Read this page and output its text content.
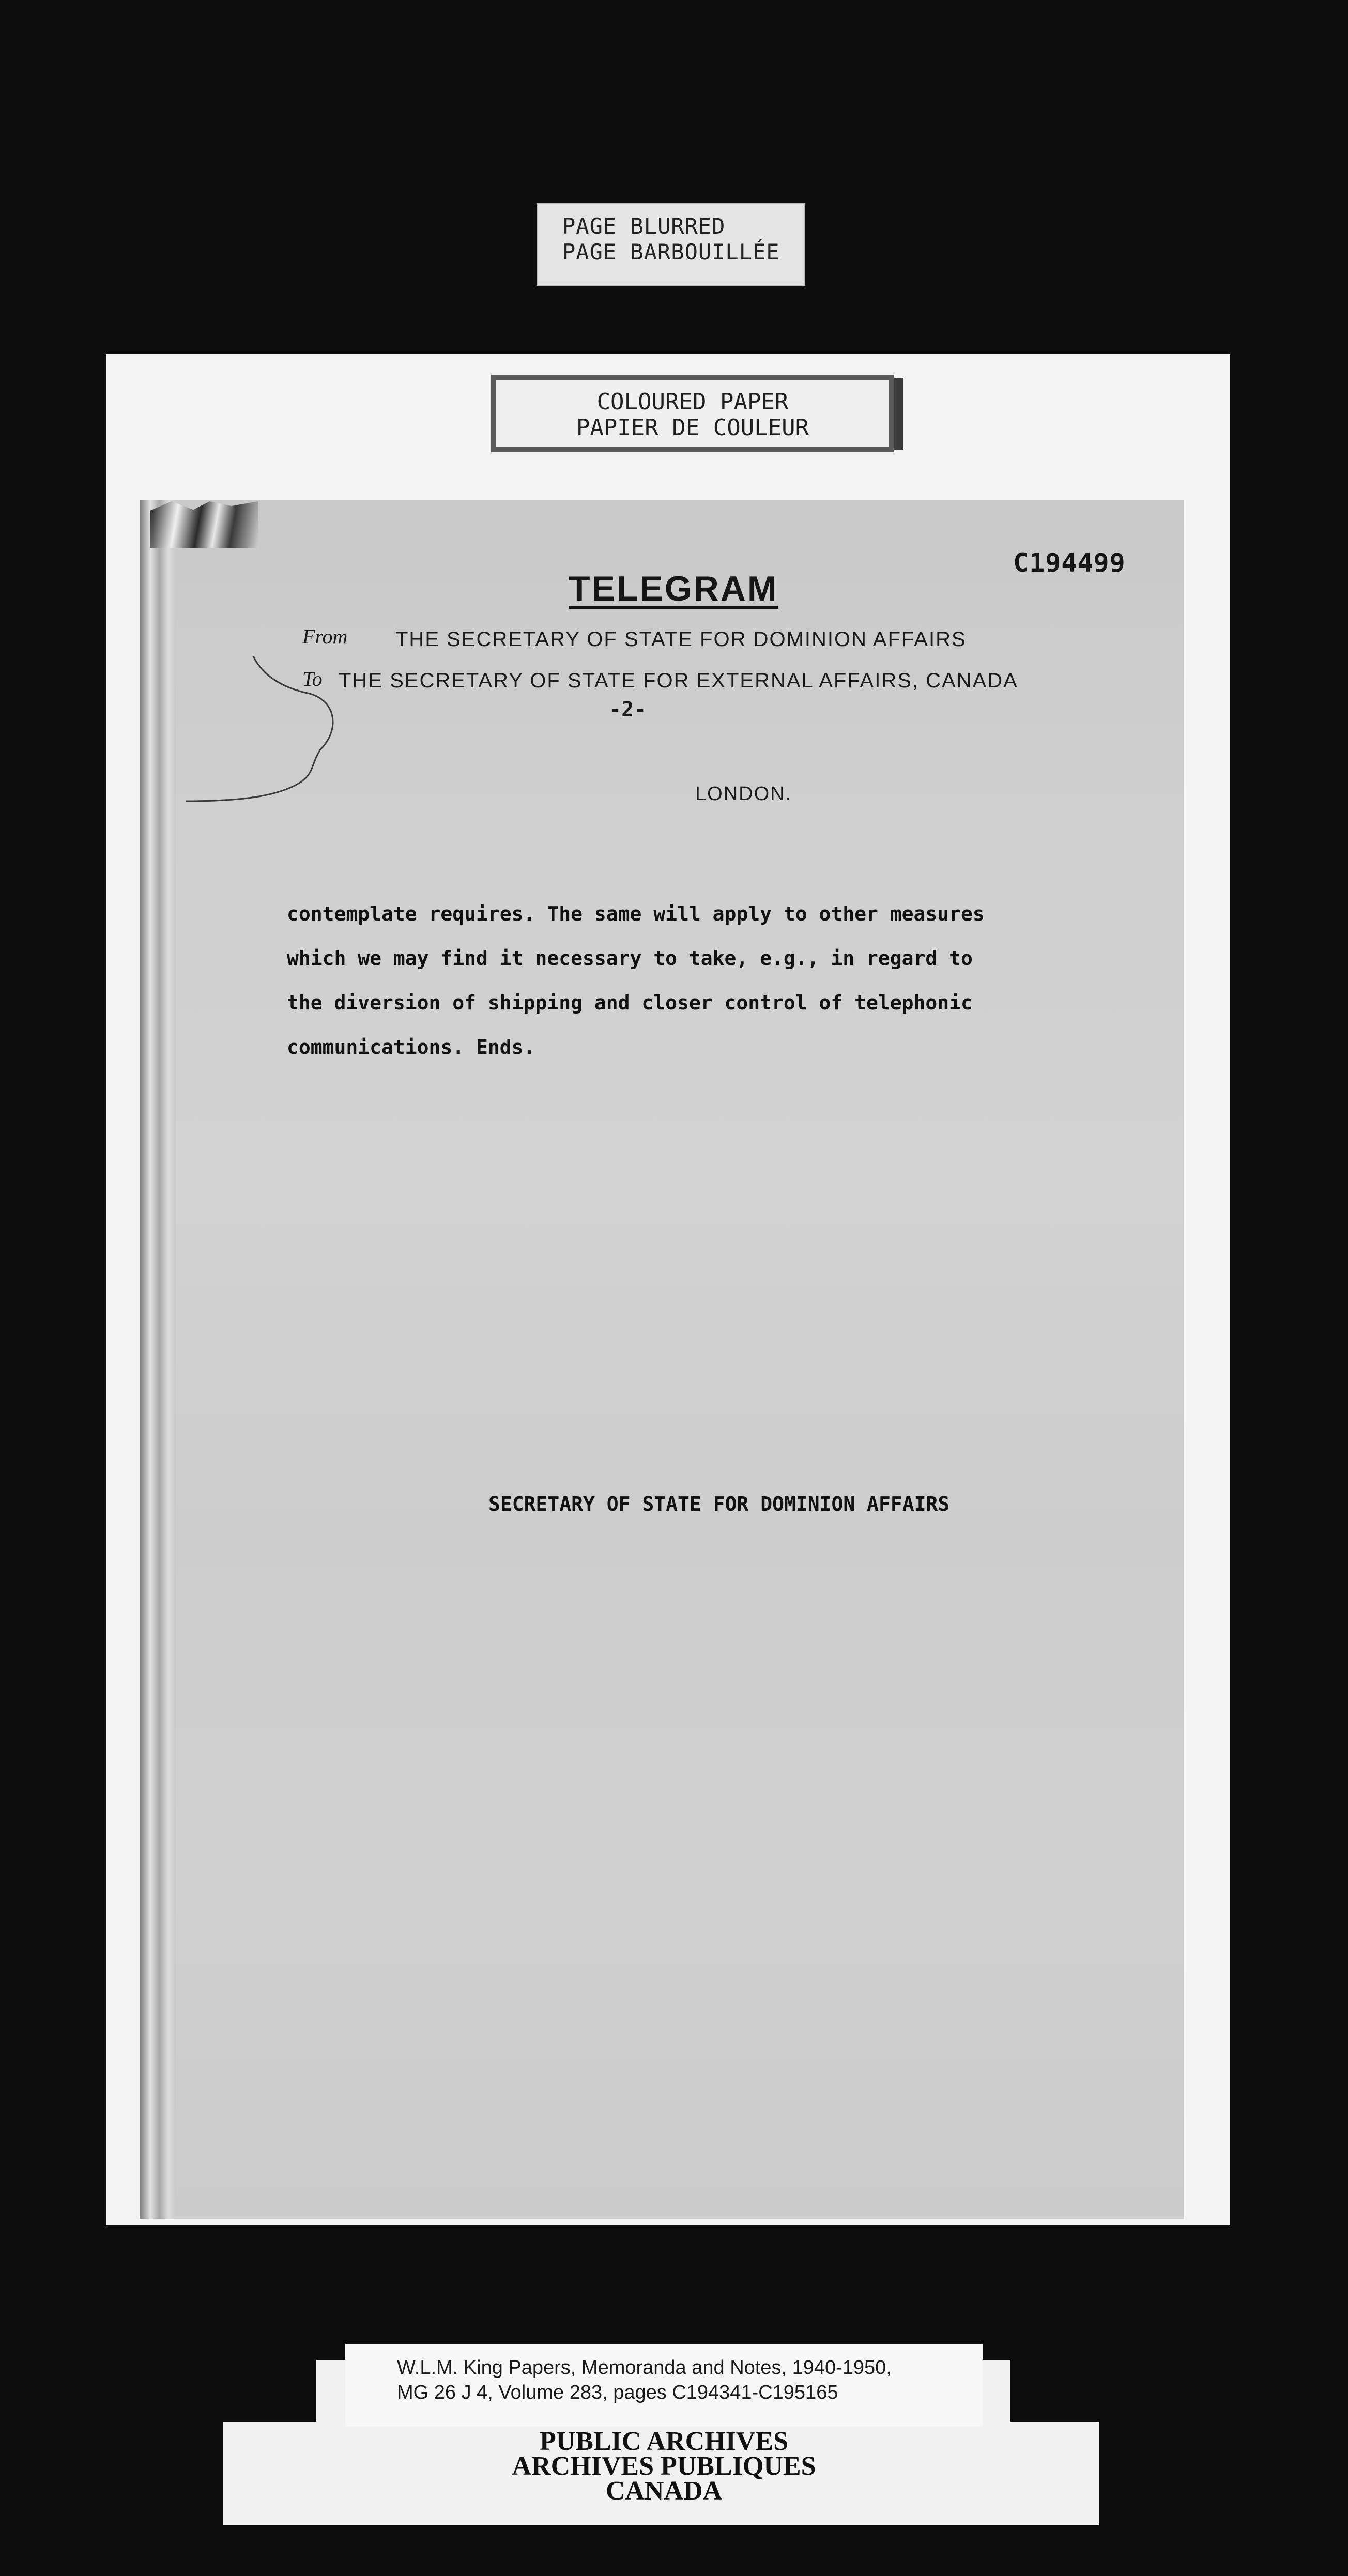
PAGE BLURRED
PAGE BARBOUILLÉE
COLOURED PAPER
PAPIER DE COULEUR
C194499
TELEGRAM
From THE SECRETARY OF STATE FOR DOMINION AFFAIRS
To THE SECRETARY OF STATE FOR EXTERNAL AFFAIRS, CANADA
-2-
LONDON.
contemplate requires. The same will apply to other measures
which we may find it necessary to take, e.g., in regard to
the diversion of shipping and closer control of telephonic
communications. Ends.
SECRETARY OF STATE FOR DOMINION AFFAIRS
W.L.M. King Papers, Memoranda and Notes, 1940-1950,
MG 26 J 4, Volume 283, pages C194341-C195165
PUBLIC ARCHIVES
ARCHIVES PUBLIQUES
CANADA
